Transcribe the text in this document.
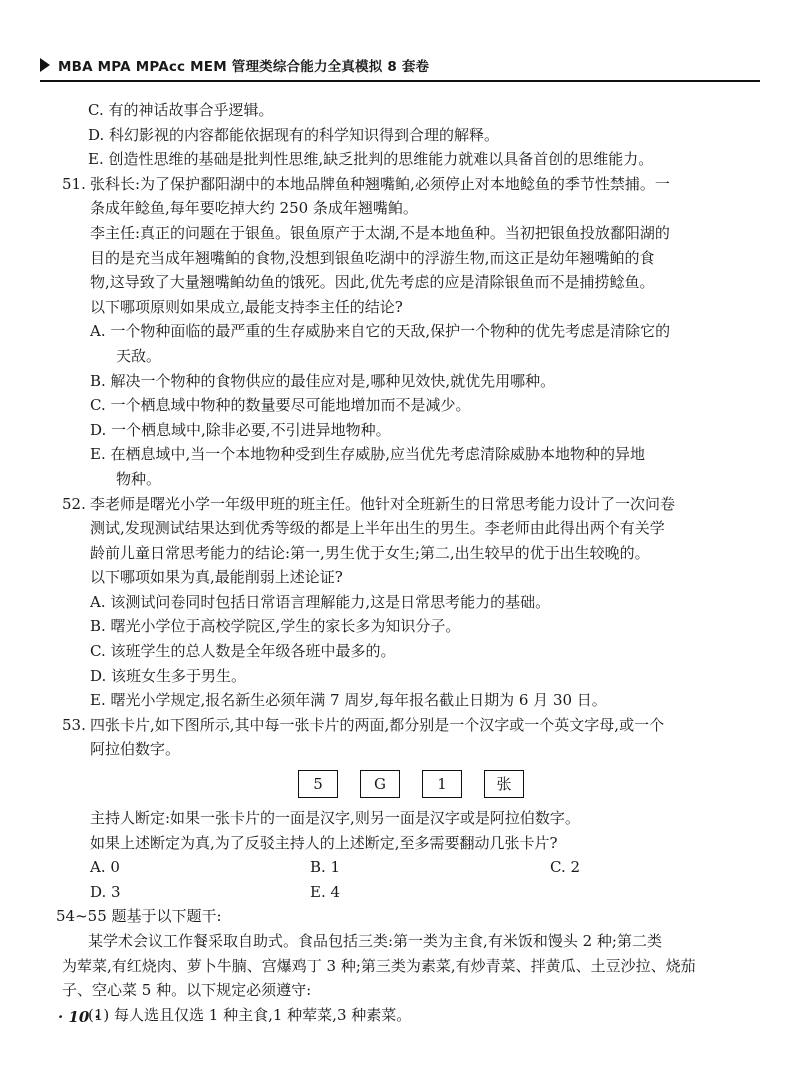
MBA MPA MPAcc MEM 管理类综合能力全真模拟 8 套卷
C. 有的神话故事合乎逻辑。
D. 科幻影视的内容都能依据现有的科学知识得到合理的解释。
E. 创造性思维的基础是批判性思维,缺乏批判的思维能力就难以具备首创的思维能力。
51. 张科长:为了保护鄱阳湖中的本地品牌鱼种翘嘴鲌,必须停止对本地鲶鱼的季节性禁捕。一
条成年鲶鱼,每年要吃掉大约 250 条成年翘嘴鲌。
李主任:真正的问题在于银鱼。银鱼原产于太湖,不是本地鱼种。当初把银鱼投放鄱阳湖的
目的是充当成年翘嘴鲌的食物,没想到银鱼吃湖中的浮游生物,而这正是幼年翘嘴鲌的食
物,这导致了大量翘嘴鲌幼鱼的饿死。因此,优先考虑的应是清除银鱼而不是捕捞鲶鱼。
以下哪项原则如果成立,最能支持李主任的结论?
A. 一个物种面临的最严重的生存威胁来自它的天敌,保护一个物种的优先考虑是清除它的
天敌。
B. 解决一个物种的食物供应的最佳应对是,哪种见效快,就优先用哪种。
C. 一个栖息域中物种的数量要尽可能地增加而不是减少。
D. 一个栖息域中,除非必要,不引进异地物种。
E. 在栖息域中,当一个本地物种受到生存威胁,应当优先考虑清除威胁本地物种的异地
物种。
52. 李老师是曙光小学一年级甲班的班主任。他针对全班新生的日常思考能力设计了一次问卷
测试,发现测试结果达到优秀等级的都是上半年出生的男生。李老师由此得出两个有关学
龄前儿童日常思考能力的结论:第一,男生优于女生;第二,出生较早的优于出生较晚的。
以下哪项如果为真,最能削弱上述论证?
A. 该测试问卷同时包括日常语言理解能力,这是日常思考能力的基础。
B. 曙光小学位于高校学院区,学生的家长多为知识分子。
C. 该班学生的总人数是全年级各班中最多的。
D. 该班女生多于男生。
E. 曙光小学规定,报名新生必须年满 7 周岁,每年报名截止日期为 6 月 30 日。
53. 四张卡片,如下图所示,其中每一张卡片的两面,都分别是一个汉字或一个英文字母,或一个
阿拉伯数字。
5	G	1	张
主持人断定:如果一张卡片的一面是汉字,则另一面是汉字或是阿拉伯数字。
如果上述断定为真,为了反驳主持人的上述断定,至多需要翻动几张卡片?
A. 0	B. 1	C. 2
D. 3	E. 4
54~55 题基于以下题干:
某学术会议工作餐采取自助式。食品包括三类:第一类为主食,有米饭和馒头 2 种;第二类
为荤菜,有红烧肉、萝卜牛腩、宫爆鸡丁 3 种;第三类为素菜,有炒青菜、拌黄瓜、土豆沙拉、烧茄
子、空心菜 5 种。以下规定必须遵守:
(1) 每人选且仅选 1 种主食,1 种荤菜,3 种素菜。
· 10 ·
